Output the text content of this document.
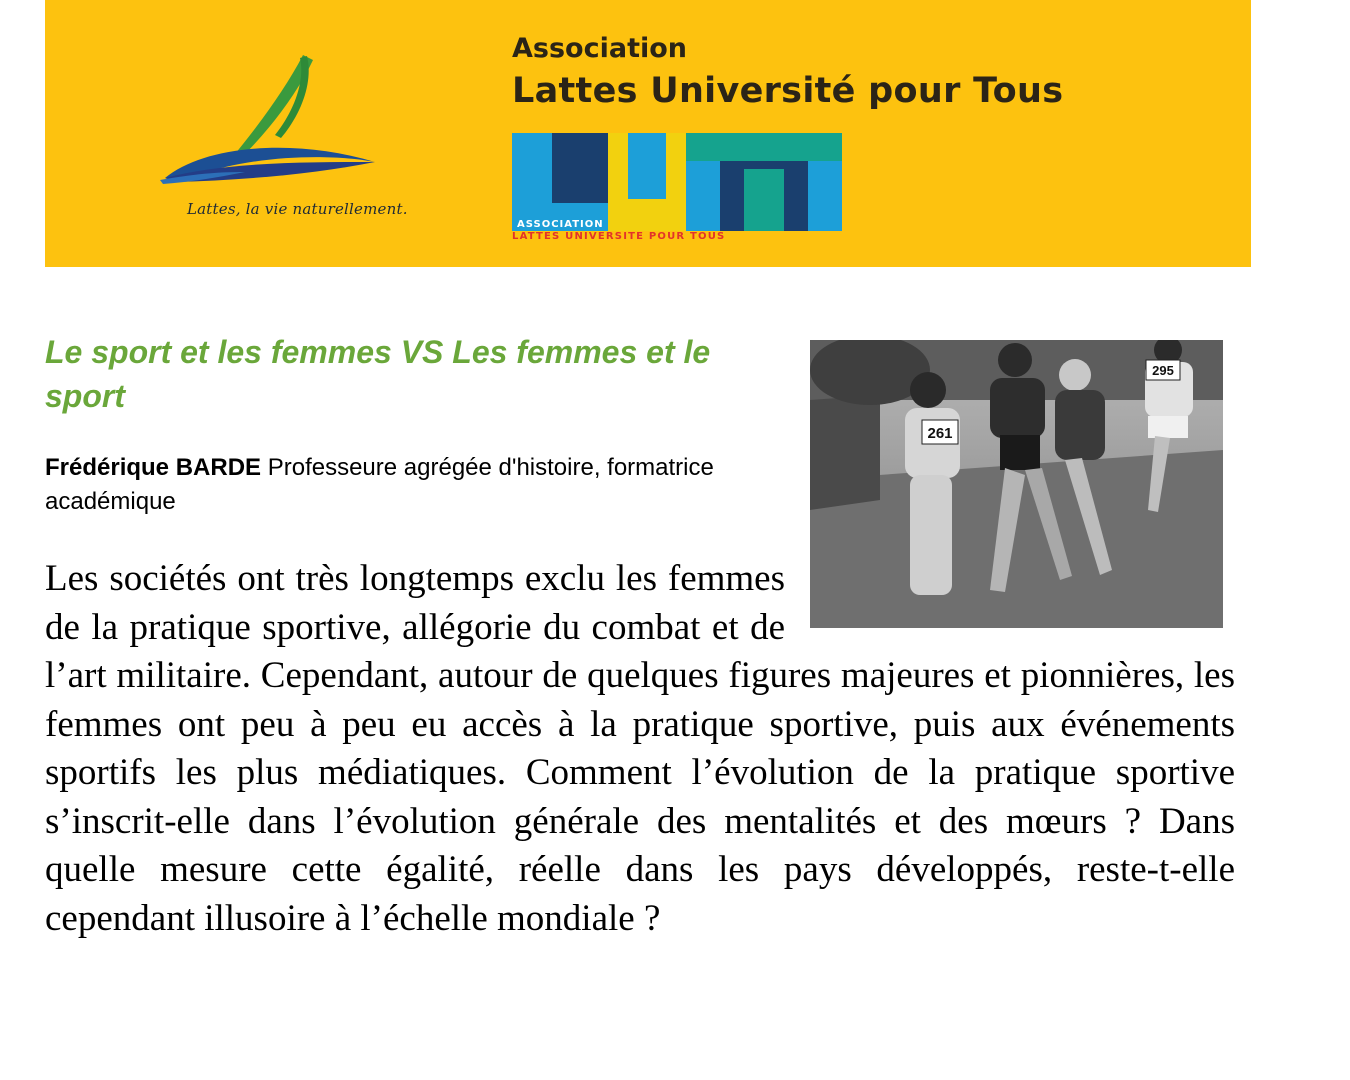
Lattes, la vie naturellement.
Association
Lattes Université pour Tous
ASSOCIATION
LATTES UNIVERSITE POUR TOUS
Le sport et les femmes VS Les femmes et le sport
Frédérique BARDE Professeure agrégée d'histoire, formatrice académique
261
295

Les sociétés ont très longtemps exclu les femmes de la pratique sportive, allégorie du combat et de l’art militaire. Cependant, autour de quelques figures majeures et pionnières, les femmes ont peu à peu eu accès à la pratique sportive, puis aux événements sportifs les plus médiatiques. Comment l’évolution de la pratique sportive s’inscrit-elle dans l’évolution générale des mentalités et des mœurs ? Dans quelle mesure cette égalité, réelle dans les pays développés, reste-t-elle cependant illusoire à l’échelle mondiale ?
